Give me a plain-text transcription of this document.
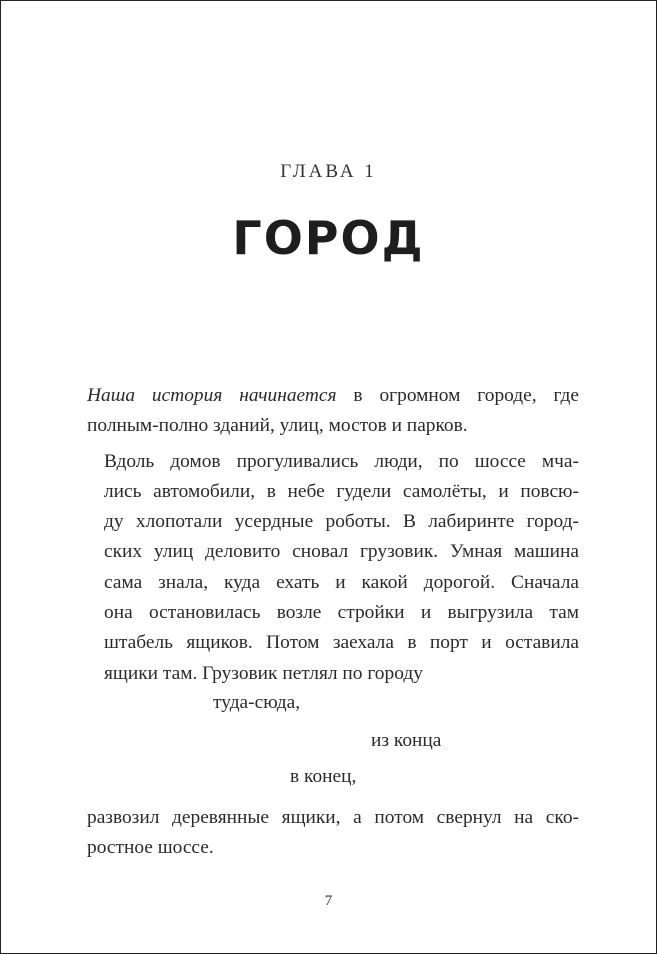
ГЛАВА 1
ГОРОД
Наша история начинается в огромном городе, где
полным-полно зданий, улиц, мостов и парков.
Вдоль домов прогуливались люди, по шоссе мча-
лись автомобили, в небе гудели самолёты, и повсю-
ду хлопотали усердные роботы. В лабиринте город-
ских улиц деловито сновал грузовик. Умная машина
сама знала, куда ехать и какой дорогой. Сначала
она остановилась возле стройки и выгрузила там
штабель ящиков. Потом заехала в порт и оставила
ящики там. Грузовик петлял по городу
туда-сюда,
из конца
в конец,
развозил деревянные ящики, а потом свернул на ско-
ростное шоссе.
7
